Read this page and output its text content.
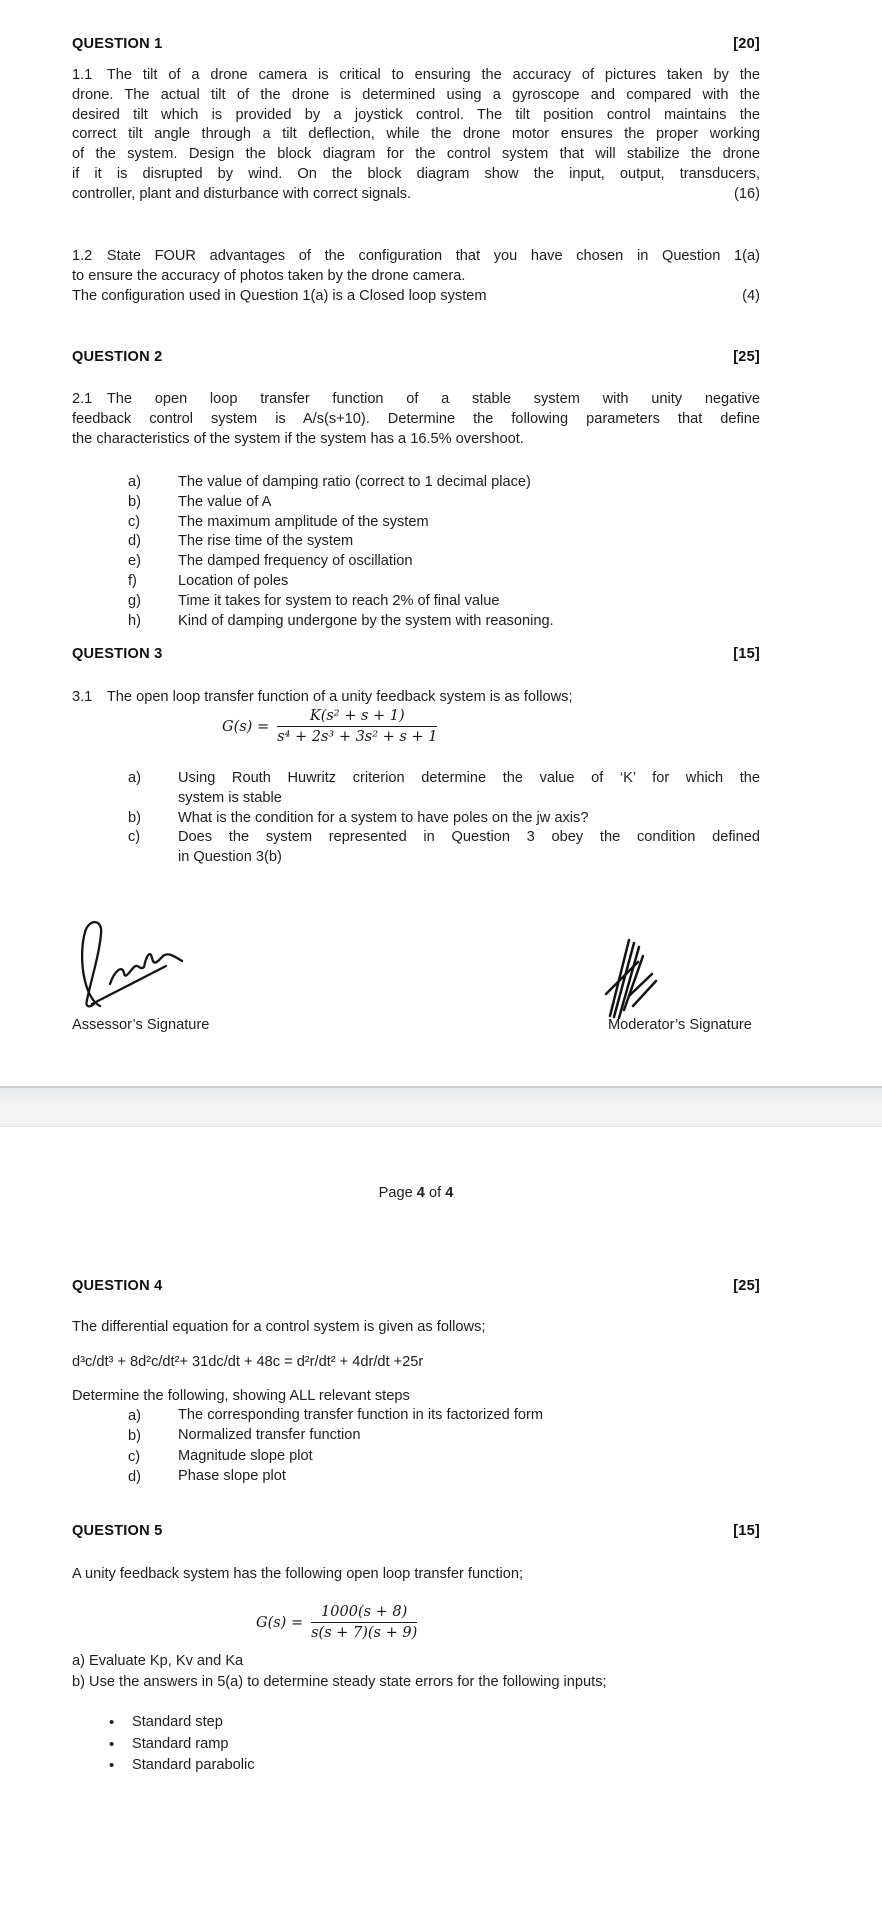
QUESTION 1	[20]
1.1 The tilt of a drone camera is critical to ensuring the accuracy of pictures taken by the
drone. The actual tilt of the drone is determined using a gyroscope and compared with the
desired tilt which is provided by a joystick control. The tilt position control maintains the
correct tilt angle through a tilt deflection, while the drone motor ensures the proper working
of the system. Design the block diagram for the control system that will stabilize the drone
if it is disrupted by wind. On the block diagram show the input, output, transducers,
controller, plant and disturbance with correct signals.	(16)
1.2 State FOUR advantages of the configuration that you have chosen in Question 1(a)
to ensure the accuracy of photos taken by the drone camera.
The configuration used in Question 1(a) is a Closed loop system	(4)
QUESTION 2	[25]
2.1 The open loop transfer function of a stable system with unity negative
feedback control system is A/s(s+10). Determine the following parameters that define
the characteristics of the system if the system has a 16.5% overshoot.
a)	The value of damping ratio (correct to 1 decimal place)
b)	The value of A
c)	The maximum amplitude of the system
d)	The rise time of the system
e)	The damped frequency of oscillation
f)	Location of poles
g)	Time it takes for system to reach 2% of final value
h)	Kind of damping undergone by the system with reasoning.
QUESTION 3	[15]
3.1 The open loop transfer function of a unity feedback system is as follows;
$G(s) = \frac{\text{K(s² + s + 1)}}{\text{s⁴ + 2s³ + 3s² + s + 1}}$
a)	Using Routh Huwritz criterion determine the value of ‘K’ for which the
system is stable
b)	What is the condition for a system to have poles on the jw axis?
c)	Does the system represented in Question 3 obey the condition defined
in Question 3(b)
Assessor’s Signature	Moderator’s Signature
Page 4 of 4
QUESTION 4	[25]
The differential equation for a control system is given as follows;
d³c/dt³ + 8d²c/dt²+ 31dc/dt + 48c = d²r/dt² + 4dr/dt +25r
Determine the following, showing ALL relevant steps
a)	The corresponding transfer function in its factorized form
b)	Normalized transfer function
c)	Magnitude slope plot
d)	Phase slope plot
QUESTION 5	[15]
A unity feedback system has the following open loop transfer function;
$G(s) = \frac{1000(s + 8)}{s(s + 7)(s + 9)}$
a) Evaluate Kp, Kv and Ka
b) Use the answers in 5(a) to determine steady state errors for the following inputs;
•	Standard step
•	Standard ramp
•	Standard parabolic
